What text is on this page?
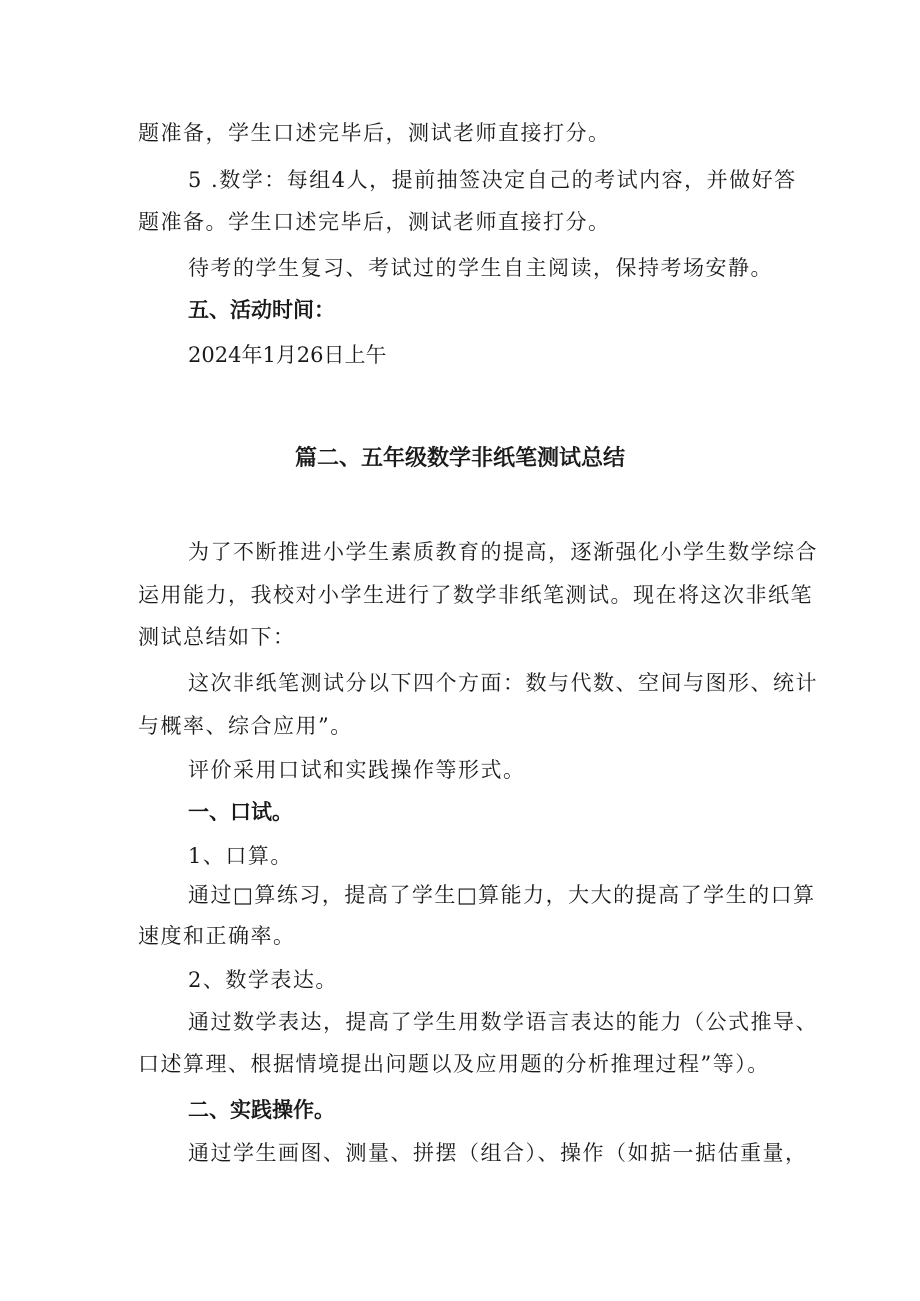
题准备，学生口述完毕后，测试老师直接打分。
5 .数学：每组4人，提前抽签决定自己的考试内容，并做好答
题准备。学生口述完毕后，测试老师直接打分。
待考的学生复习、考试过的学生自主阅读，保持考场安静。
五、活动时间：
2024年1月26日上午
篇二、五年级数学非纸笔测试总结
为了不断推进小学生素质教育的提高，逐渐强化小学生数学综合
运用能力，我校对小学生进行了数学非纸笔测试。现在将这次非纸笔
测试总结如下：
这次非纸笔测试分以下四个方面：数与代数、空间与图形、统计
与概率、综合应用”。
评价采用口试和实践操作等形式。
一、口试。
1、口算。
通过□算练习，提高了学生□算能力，大大的提高了学生的口算
速度和正确率。
2、数学表达。
通过数学表达，提高了学生用数学语言表达的能力（公式推导、
口述算理、根据情境提出问题以及应用题的分析推理过程”等）。
二、实践操作。
通过学生画图、测量、拼摆（组合）、操作（如掂一掂估重量，
